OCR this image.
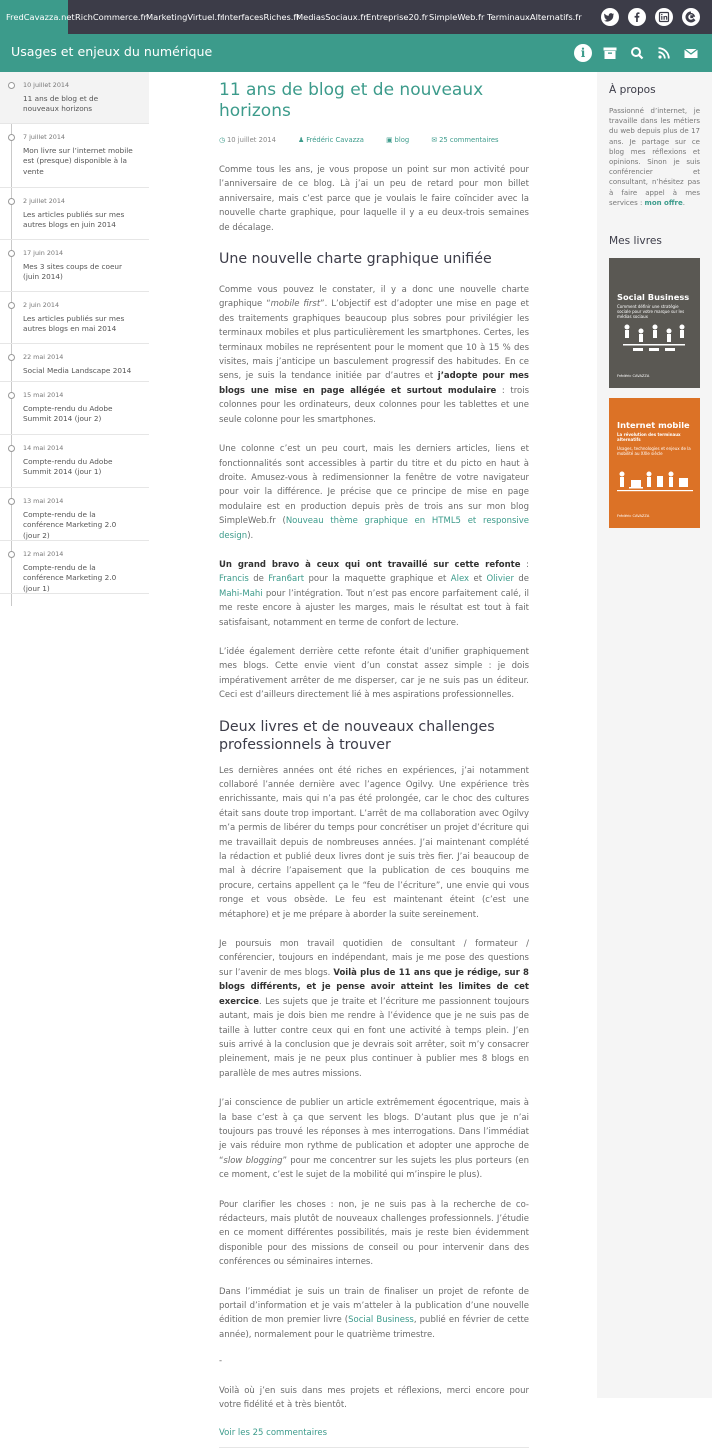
FredCavazza.net RichCommerce.fr MarketingVirtuel.fr
InterfacesRiches.fr
MediasSociaux.fr Entreprise20.fr SimpleWeb.fr TerminauxAlternatifs.fr
Usages et enjeux du numérique	i
10 juillet 2014
11 ans de blog et de nouveaux horizons
7 juillet 2014
Mon livre sur l’internet mobile est (presque) disponible à la vente
2 juillet 2014
Les articles publiés sur mes autres blogs en juin 2014
17 juin 2014
Mes 3 sites coups de coeur (juin 2014)
2 juin 2014
Les articles publiés sur mes autres blogs en mai 2014
22 mai 2014
Social Media Landscape 2014
15 mai 2014
Compte-rendu du Adobe Summit 2014 (jour 2)
14 mai 2014
Compte-rendu du Adobe Summit 2014 (jour 1)
13 mai 2014
Compte-rendu de la conférence Marketing 2.0 (jour 2)
12 mai 2014
Compte-rendu de la conférence Marketing 2.0 (jour 1)
11 ans de blog et de nouveaux horizons
◷ 10 juillet 2014	♟ Frédéric Cavazza	▣ blog	✉ 25 commentaires

Comme tous les ans, je vous propose un point sur mon activité pour l’anniversaire de ce blog. Là j’ai un peu de retard pour mon billet anniversaire, mais c’est parce que je voulais le faire coïncider avec la nouvelle charte graphique, pour laquelle il y a eu deux-trois semaines de décalage.

Une nouvelle charte graphique unifiée

Comme vous pouvez le constater, il y a donc une nouvelle charte graphique “mobile first”. L’objectif est d’adopter une mise en page et des traitements graphiques beaucoup plus sobres pour privilégier les terminaux mobiles et plus particulièrement les smartphones. Certes, les terminaux mobiles ne représentent pour le moment que 10 à 15 % des visites, mais j’anticipe un basculement progressif des habitudes. En ce sens, je suis la tendance initiée par d’autres et j’adopte pour mes blogs une mise en page allégée et surtout modulaire : trois colonnes pour les ordinateurs, deux colonnes pour les tablettes et une seule colonne pour les smartphones.

Une colonne c’est un peu court, mais les derniers articles, liens et fonctionnalités sont accessibles à partir du titre et du picto en haut à droite. Amusez-vous à redimensionner la fenêtre de votre navigateur pour voir la différence. Je précise que ce principe de mise en page modulaire est en production depuis près de trois ans sur mon blog SimpleWeb.fr (Nouveau thème graphique en HTML5 et responsive design).

Un grand bravo à ceux qui ont travaillé sur cette refonte : Francis de Fran6art pour la maquette graphique et Alex et Olivier de Mahi-Mahi pour l’intégration. Tout n’est pas encore parfaitement calé, il me reste encore à ajuster les marges, mais le résultat est tout à fait satisfaisant, notamment en terme de confort de lecture.

L’idée également derrière cette refonte était d’unifier graphiquement mes blogs. Cette envie vient d’un constat assez simple : je dois impérativement arrêter de me disperser, car je ne suis pas un éditeur. Ceci est d’ailleurs directement lié à mes aspirations professionnelles.

Deux livres et de nouveaux challenges professionnels à trouver

Les dernières années ont été riches en expériences, j’ai notamment collaboré l’année dernière avec l’agence Ogilvy. Une expérience très enrichissante, mais qui n’a pas été prolongée, car le choc des cultures était sans doute trop important. L’arrêt de ma collaboration avec Ogilvy m’a permis de libérer du temps pour concrétiser un projet d’écriture qui me travaillait depuis de nombreuses années. J’ai maintenant complété la rédaction et publié deux livres dont je suis très fier. J’ai beaucoup de mal à décrire l’apaisement que la publication de ces bouquins me procure, certains appellent ça le “feu de l’écriture”, une envie qui vous ronge et vous obsède. Le feu est maintenant éteint (c’est une métaphore) et je me prépare à aborder la suite sereinement.

Je poursuis mon travail quotidien de consultant / formateur / conférencier, toujours en indépendant, mais je me pose des questions sur l’avenir de mes blogs. Voilà plus de 11 ans que je rédige, sur 8 blogs différents, et je pense avoir atteint les limites de cet exercice. Les sujets que je traite et l’écriture me passionnent toujours autant, mais je dois bien me rendre à l’évidence que je ne suis pas de taille à lutter contre ceux qui en font une activité à temps plein. J’en suis arrivé à la conclusion que je devrais soit arrêter, soit m’y consacrer pleinement, mais je ne peux plus continuer à publier mes 8 blogs en parallèle de mes autres missions.

J’ai conscience de publier un article extrêmement égocentrique, mais à la base c’est à ça que servent les blogs. D’autant plus que je n’ai toujours pas trouvé les réponses à mes interrogations. Dans l’immédiat je vais réduire mon rythme de publication et adopter une approche de “slow blogging” pour me concentrer sur les sujets les plus porteurs (en ce moment, c’est le sujet de la mobilité qui m’inspire le plus).

Pour clarifier les choses : non, je ne suis pas à la recherche de co-rédacteurs, mais plutôt de nouveaux challenges professionnels. J’étudie en ce moment différentes possibilités, mais je reste bien évidemment disponible pour des missions de conseil ou pour intervenir dans des conférences ou séminaires internes.

Dans l’immédiat je suis un train de finaliser un projet de refonte de portail d’information et je vais m’atteler à la publication d’une nouvelle édition de mon premier livre (Social Business, publié en février de cette année), normalement pour le quatrième trimestre.

-

Voilà où j’en suis dans mes projets et réflexions, merci encore pour votre fidélité et à très bientôt.

Voir les 25 commentaires
À propos

Passionné d’internet, je travaille dans les métiers du web depuis plus de 17 ans. Je partage sur ce blog mes réflexions et opinions. Sinon je suis conférencier et consultant, n’hésitez pas à faire appel à mes services : mon offre.

Mes livres
Social Business
Comment définir une stratégie sociale pour votre marque sur les médias sociaux
Frédéric CAVAZZA
Internet mobile
La révolution des terminaux alternatifs
Usages, technologies et enjeux de la mobilité au XXIe siècle
Frédéric CAVAZZA
